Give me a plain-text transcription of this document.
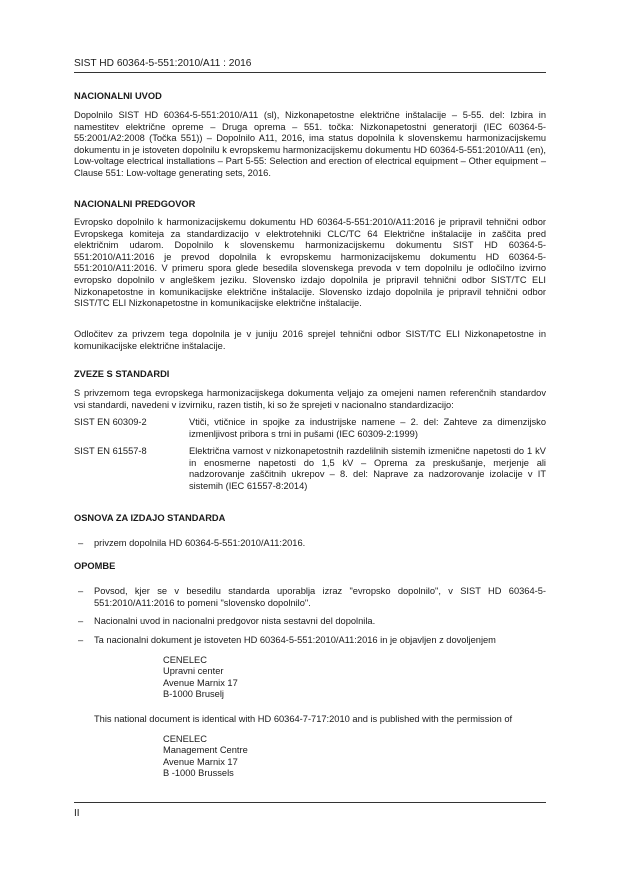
SIST HD 60364-5-551:2010/A11 : 2016
NACIONALNI UVOD

Dopolnilo SIST HD 60364-5-551:2010/A11 (sl), Nizkonapetostne električne inštalacije – 5-55. del: Izbira in namestitev električne opreme – Druga oprema – 551. točka: Nizkonapetostni generatorji (IEC 60364-5-55:2001/A2:2008 (Točka 551)) – Dopolnilo A11, 2016, ima status dopolnila k slovenskemu harmonizacijskemu dokumentu in je istoveten dopolnilu k evropskemu harmonizacijskemu dokumentu HD 60364-5-551:2010/A11 (en), Low-voltage electrical installations – Part 5-55: Selection and erection of electrical equipment – Other equipment – Clause 551: Low-voltage generating sets, 2016.

NACIONALNI PREDGOVOR

Evropsko dopolnilo k harmonizacijskemu dokumentu HD 60364-5-551:2010/A11:2016 je pripravil tehnični odbor Evropskega komiteja za standardizacijo v elektrotehniki CLC/TC 64 Električne inštalacije in zaščita pred električnim udarom. Dopolnilo k slovenskemu harmonizacijskemu dokumentu SIST HD 60364-5-551:2010/A11:2016 je prevod dopolnila k evropskemu harmonizacijskemu dokumentu HD 60364-5-551:2010/A11:2016. V primeru spora glede besedila slovenskega prevoda v tem dopolnilu je odločilno izvirno evropsko dopolnilo v angleškem jeziku. Slovensko izdajo dopolnila je pripravil tehnični odbor SIST/TC ELI Nizkonapetostne in komunikacijske električne inštalacije. Slovensko izdajo dopolnila je pripravil tehnični odbor SIST/TC ELI Nizkonapetostne in komunikacijske električne inštalacije.

Odločitev za privzem tega dopolnila je v juniju 2016 sprejel tehnični odbor SIST/TC ELI Nizkonapetostne in komunikacijske električne inštalacije.

ZVEZE S STANDARDI

S privzemom tega evropskega harmonizacijskega dokumenta veljajo za omejeni namen referenčnih standardov vsi standardi, navedeni v izvirniku, razen tistih, ki so že sprejeti v nacionalno standardizacijo:

SIST EN 60309-2	Vtiči, vtičnice in spojke za industrijske namene – 2. del: Zahteve za dimenzijsko izmenljivost pribora s trni in pušami (IEC 60309-2:1999)
SIST EN 61557-8	Električna varnost v nizkonapetostnih razdelilnih sistemih izmenične napetosti do 1 kV in enosmerne napetosti do 1,5 kV – Oprema za preskušanje, merjenje ali nadzorovanje zaščitnih ukrepov – 8. del: Naprave za nadzorovanje izolacije v IT sistemih (IEC 61557-8:2014)
OSNOVA ZA IZDAJO STANDARDA
– privzem dopolnila HD 60364-5-551:2010/A11:2016.
OPOMBE
– Povsod, kjer se v besedilu standarda uporablja izraz "evropsko dopolnilo", v SIST HD 60364-5-551:2010/A11:2016 to pomeni "slovensko dopolnilo".
– Nacionalni uvod in nacionalni predgovor nista sestavni del dopolnila.
– Ta nacionalni dokument je istoveten HD 60364-5-551:2010/A11:2016 in je objavljen z dovoljenjem
CENELEC
Upravni center
Avenue Marnix 17
B-1000 Bruselj

This national document is identical with HD 60364-7-717:2010 and is published with the permission of

CENELEC
Management Centre
Avenue Marnix 17
B -1000 Brussels
II
